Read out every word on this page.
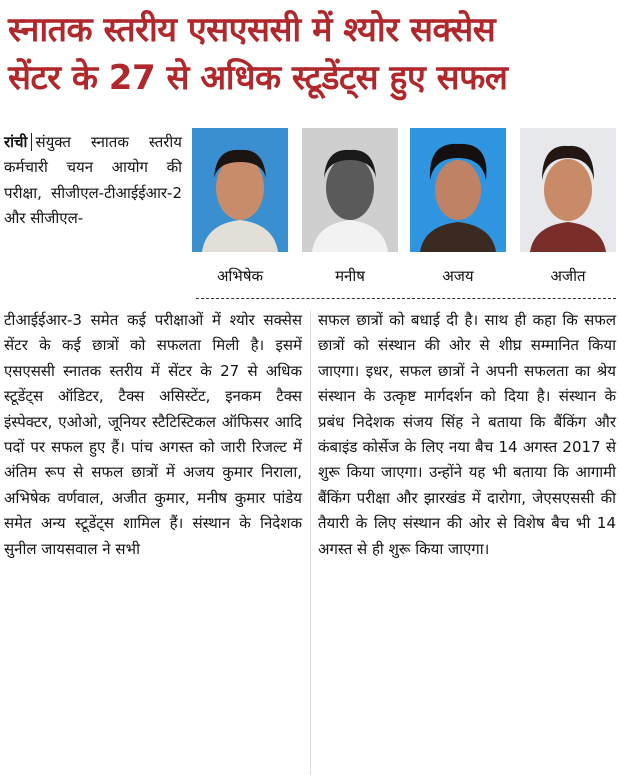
स्नातक स्तरीय एसएससी में श्योर सक्सेस
सेंटर के 27 से अधिक स्टूडेंट्स हुए सफल

रांची संयुक्त स्नातक स्तरीय कर्मचारी चयन आयोग की परीक्षा, सीजीएल-टीआईईआर-2 और सीजीएल-

अभिषेक	मनीष	अजय	अजीत

टीआईईआर-3 समेत कई परीक्षाओं में श्योर सक्सेस सेंटर के कई छात्रों को सफलता मिली है। इसमें एसएससी स्नातक स्तरीय में सेंटर के 27 से अधिक स्टूडेंट्स ऑडिटर, टैक्स असिस्टेंट, इनकम टैक्स इंस्पेक्टर, एओओ, जूनियर स्टैटिस्टिकल ऑफिसर आदि पदों पर सफल हुए हैं। पांच अगस्त को जारी रिजल्ट में अंतिम रूप से सफल छात्रों में अजय कुमार निराला, अभिषेक वर्णवाल, अजीत कुमार, मनीष कुमार पांडेय समेत अन्य स्टूडेंट्स शामिल हैं। संस्थान के निदेशक सुनील जायसवाल ने सभी

सफल छात्रों को बधाई दी है। साथ ही कहा कि सफल छात्रों को संस्थान की ओर से शीघ्र सम्मानित किया जाएगा। इधर, सफल छात्रों ने अपनी सफलता का श्रेय संस्थान के उत्कृष्ट मार्गदर्शन को दिया है। संस्थान के प्रबंध निदेशक संजय सिंह ने बताया कि बैंकिंग और कंबाइंड कोर्सेज के लिए नया बैच 14 अगस्त 2017 से शुरू किया जाएगा। उन्होंने यह भी बताया कि आगामी बैंकिंग परीक्षा और झारखंड में दारोगा, जेएसएससी की तैयारी के लिए संस्थान की ओर से विशेष बैच भी 14 अगस्त से ही शुरू किया जाएगा।
